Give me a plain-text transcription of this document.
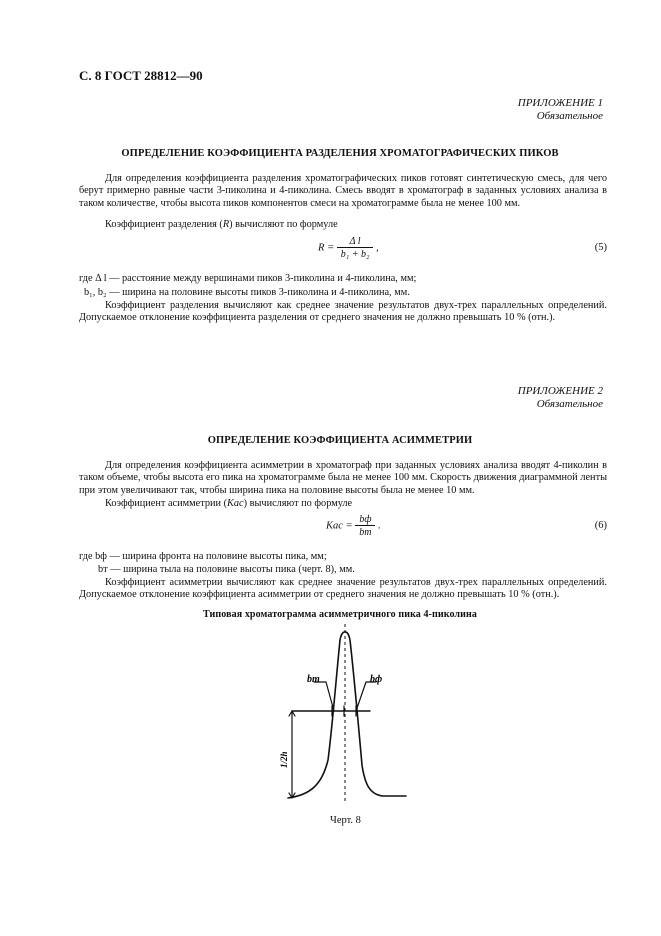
С. 8 ГОСТ 28812—90
ПРИЛОЖЕНИЕ 1
Обязательное
ОПРЕДЕЛЕНИЕ КОЭФФИЦИЕНТА РАЗДЕЛЕНИЯ ХРОМАТОГРАФИЧЕСКИХ ПИКОВ

Для определения коэффициента разделения хроматографических пиков готовят синтетическую смесь, для чего берут примерно равные части 3-пиколина и 4-пиколина. Смесь вводят в хроматограф в заданных условиях анализа в таком количестве, чтобы высота пиков компонентов смеси на хроматограмме была не менее 100 мм.

Коэффициент разделения (R) вычисляют по формуле
$R = \frac{\text{Δ l}}{\text{b₁ + b₂}}$ ,	(5)
где Δ l — расстояние между вершинами пиков 3-пиколина и 4-пиколина, мм;
b₁, b₂ — ширина на половине высоты пиков 3-пиколина и 4-пиколина, мм.

Коэффициент разделения вычисляют как среднее значение результатов двух-трех параллельных определений. Допускаемое отклонение коэффициента разделения от среднего значения не должно превышать 10 % (отн.).

ПРИЛОЖЕНИЕ 2
Обязательное
ОПРЕДЕЛЕНИЕ КОЭФФИЦИЕНТА АСИММЕТРИИ

Для определения коэффициента асимметрии в хроматограф при заданных условиях анализа вводят 4-пиколин в таком объеме, чтобы высота его пика на хроматограмме была не менее 100 мм. Скорость движения диаграммной ленты при этом увеличивают так, чтобы ширина пика на половине высоты была не менее 10 мм.

Коэффициент асимметрии (Kас) вычисляют по формуле
Kас = $\frac{bф}{bт}$ .	(6)
где bф — ширина фронта на половине высоты пика, мм;
bт — ширина тыла на половине высоты пика (черт. 8), мм.

Коэффициент асимметрии вычисляют как среднее значение результатов двух-трех параллельных определений. Допускаемое отклонение коэффициента асимметрии от среднего значения не должно превышать 10 % (отн.).

Типовая хроматограмма асимметричного пика 4-пиколина
bт	bф
1/2h
Черт. 8
